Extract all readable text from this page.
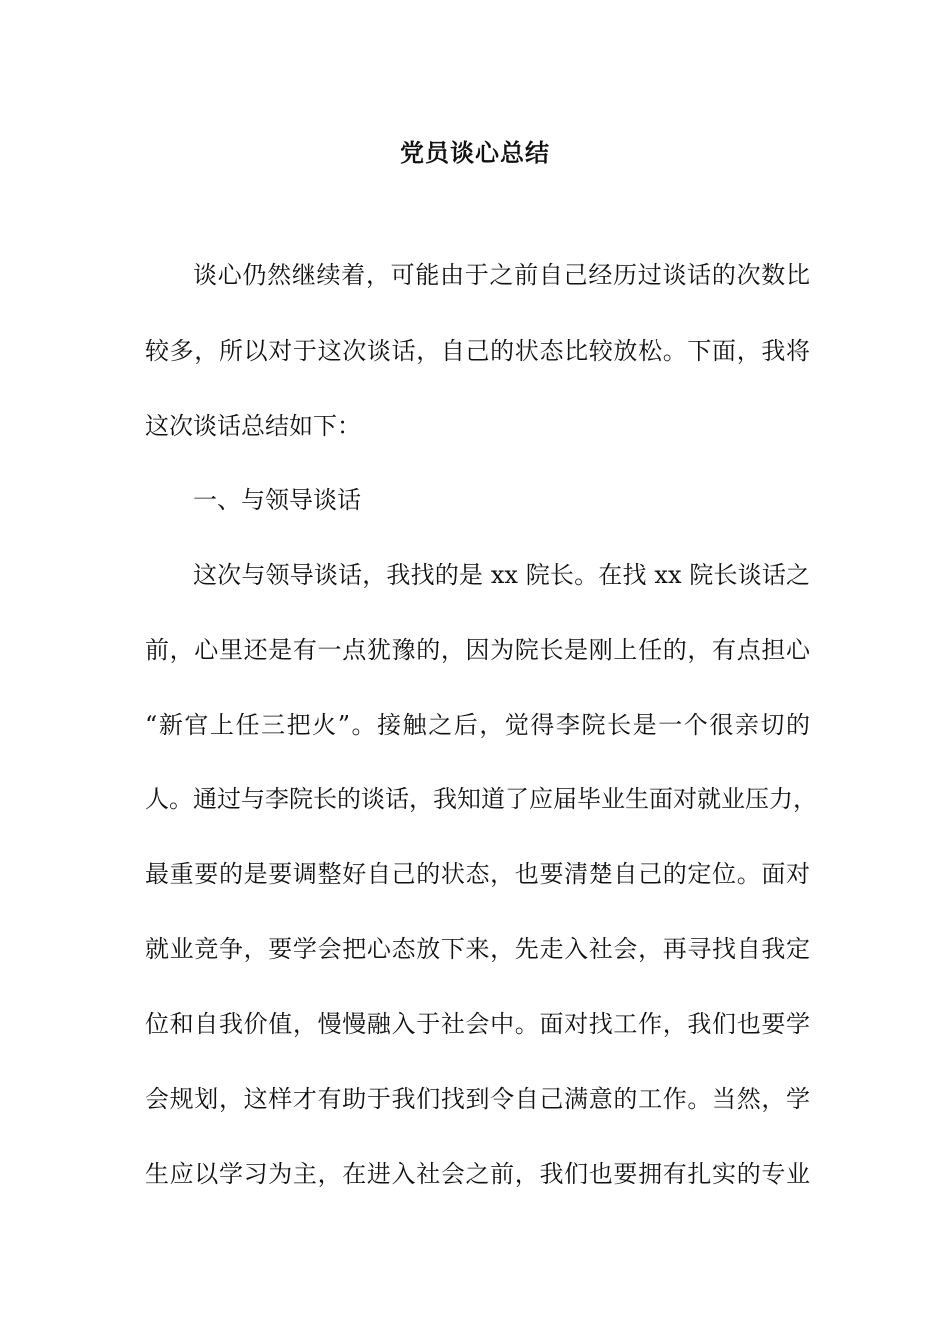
党员谈心总结
谈心仍然继续着，可能由于之前自己经历过谈话的次数比
较多，所以对于这次谈话，自己的状态比较放松。下面，我将
这次谈话总结如下：
一、与领导谈话
这次与领导谈话，我找的是 xx 院长。在找 xx 院长谈话之
前，心里还是有一点犹豫的，因为院长是刚上任的，有点担心
“新官上任三把火”。接触之后，觉得李院长是一个很亲切的
人。通过与李院长的谈话，我知道了应届毕业生面对就业压力，
最重要的是要调整好自己的状态，也要清楚自己的定位。面对
就业竞争，要学会把心态放下来，先走入社会，再寻找自我定
位和自我价值，慢慢融入于社会中。面对找工作，我们也要学
会规划，这样才有助于我们找到令自己满意的工作。当然，学
生应以学习为主，在进入社会之前，我们也要拥有扎实的专业
